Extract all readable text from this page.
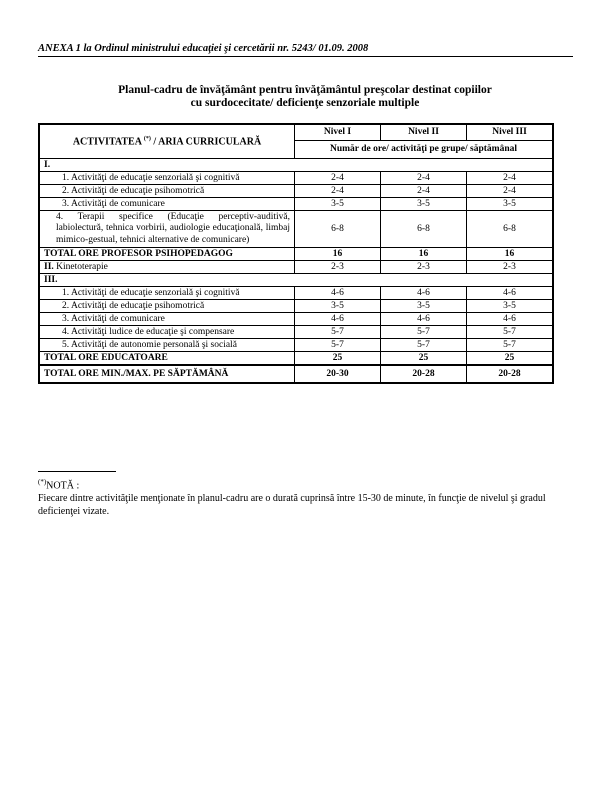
ANEXA 1 la Ordinul ministrului educaţiei şi cercetării nr. 5243/ 01.09. 2008
Planul-cadru de învăţământ pentru învăţământul preşcolar destinat copiilor
cu surdocecitate/ deficienţe senzoriale multiple
ACTIVITATEA (*) / ARIA CURRICULARĂ	Nivel I	Nivel II	Nivel III
	Număr de ore/ activităţi pe grupe/ săptămânal		
I.			
1. Activităţi de educaţie senzorială şi cognitivă	2-4	2-4	2-4
2. Activităţi de educaţie psihomotrică	2-4	2-4	2-4
3. Activităţi de comunicare	3-5	3-5	3-5
4. Terapii specifice (Educaţie perceptiv-auditivă, labiolectură, tehnica vorbirii, audiologie educaţională, limbaj mimico-gestual, tehnici alternative de comunicare)	6-8	6-8	6-8
TOTAL ORE PROFESOR PSIHOPEDAGOG	16	16	16
II. Kinetoterapie	2-3	2-3	2-3
III.			
1. Activităţi de educaţie senzorială şi cognitivă	4-6	4-6	4-6
2. Activităţi de educaţie psihomotrică	3-5	3-5	3-5
3. Activităţi de comunicare	4-6	4-6	4-6
4. Activităţi ludice de educaţie şi compensare	5-7	5-7	5-7
5. Activităţi de autonomie personală şi socială	5-7	5-7	5-7
TOTAL ORE EDUCATOARE	25	25	25
TOTAL ORE MIN./MAX. PE SĂPTĂMÂNĂ	20-30	20-28	20-28
(*)NOTĂ :
Fiecare dintre activităţile menţionate în planul-cadru are o durată cuprinsă între 15-30 de minute, în funcţie de nivelul şi gradul deficienţei vizate.
